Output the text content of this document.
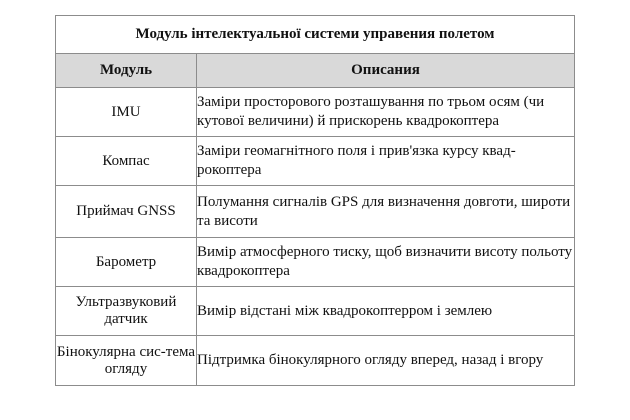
Модуль інтелектуальної системи управения полетом	
Модуль	Описания
IMU	Заміри просторового розташування по трьом осям (чи кутової величини) й прискорень квадрокоптера
Компас	Заміри геомагнітного поля і прив'язка курсу квад-рокоптера
Приймач GNSS	Полумання сигналів GPS для визначення довготи, широти та висоти
Барометр	Вимір атмосферного тиску, щоб визначити висоту польоту квадрокоптера
Ультразвуковий датчик	Вимір відстані між квадрокоптерром і землею
Бінокулярна сис-тема огляду	Підтримка бінокулярного огляду вперед, назад і вгору
